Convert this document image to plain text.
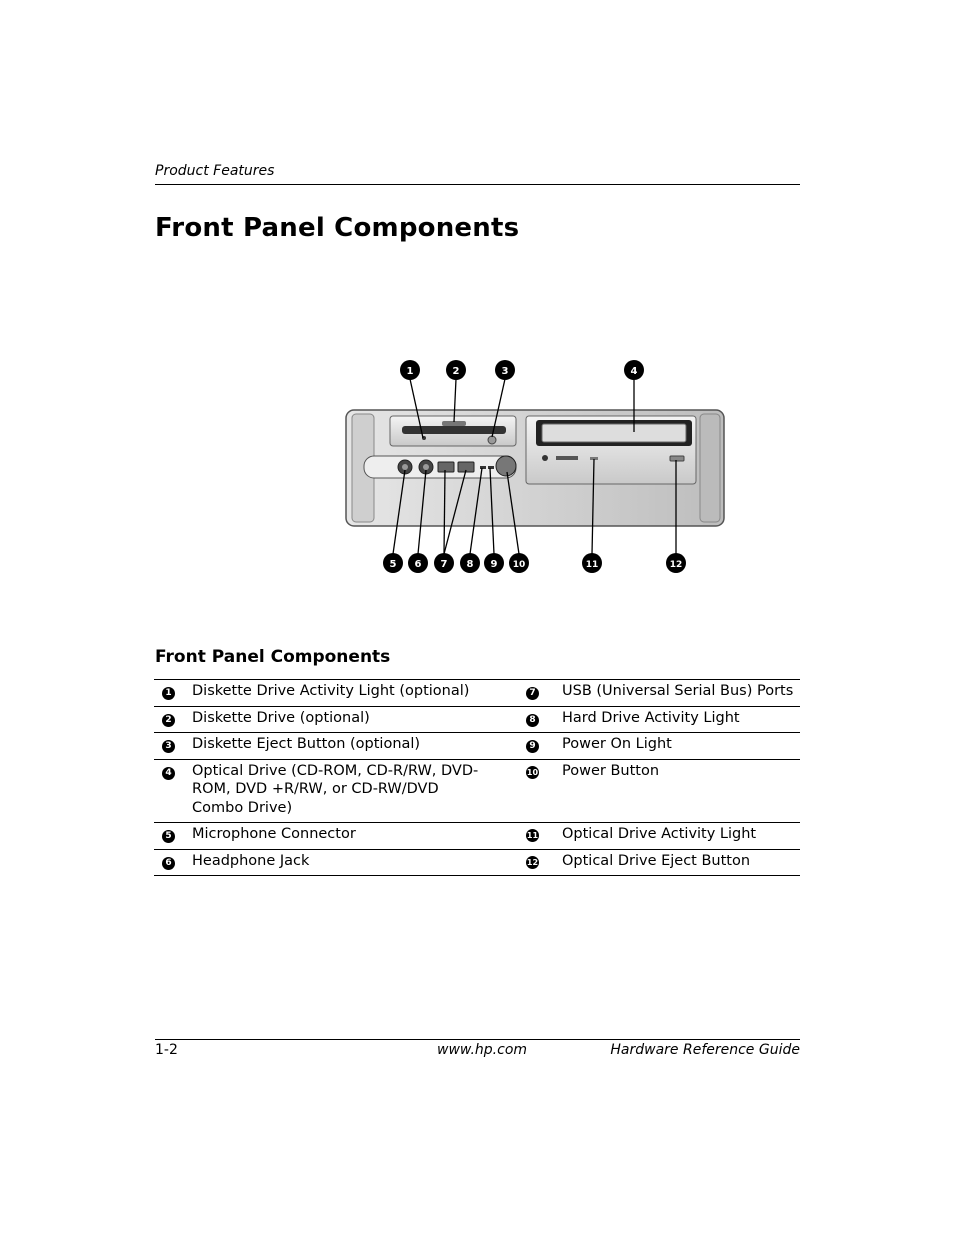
Product Features
Front Panel Components
1	2	3	4
5 6 7 8 9 10	11	12
Front Panel Components
1	Diskette Drive Activity Light (optional)	7	USB (Universal Serial Bus) Ports
2	Diskette Drive (optional)	8	Hard Drive Activity Light
3	Diskette Eject Button (optional)	9	Power On Light
4	Optical Drive (CD-ROM, CD-R/RW, DVD-ROM, DVD +R/RW, or CD-RW/DVD Combo Drive)	10	Power Button
5	Microphone Connector	11	Optical Drive Activity Light
6	Headphone Jack	12	Optical Drive Eject Button
1-2	www.hp.com	Hardware Reference Guide
